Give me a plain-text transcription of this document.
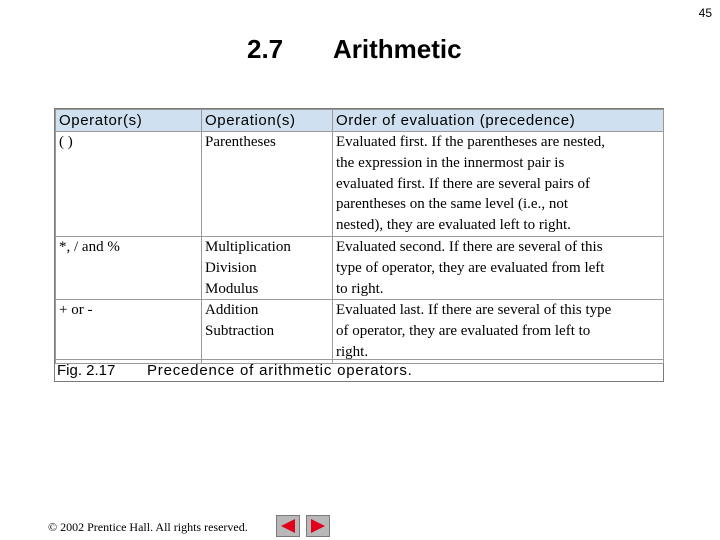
45
2.7 Arithmetic
Operator(s)	Operation(s)	Order of evaluation (precedence)
( )	Parentheses	Evaluated first. If the parentheses are nested,
the expression in the innermost pair is
evaluated first. If there are several pairs of
parentheses on the same level (i.e., not
nested), they are evaluated left to right.

*, / and %	Multiplication
Division
Modulus	Evaluated second. If there are several of this
type of operator, they are evaluated from left
to right.

+ or -	Addition
Subtraction	Evaluated last. If there are several of this type
of operator, they are evaluated from left to
right.
Fig. 2.17 Precedence of arithmetic operators.
© 2002 Prentice Hall. All rights reserved.
